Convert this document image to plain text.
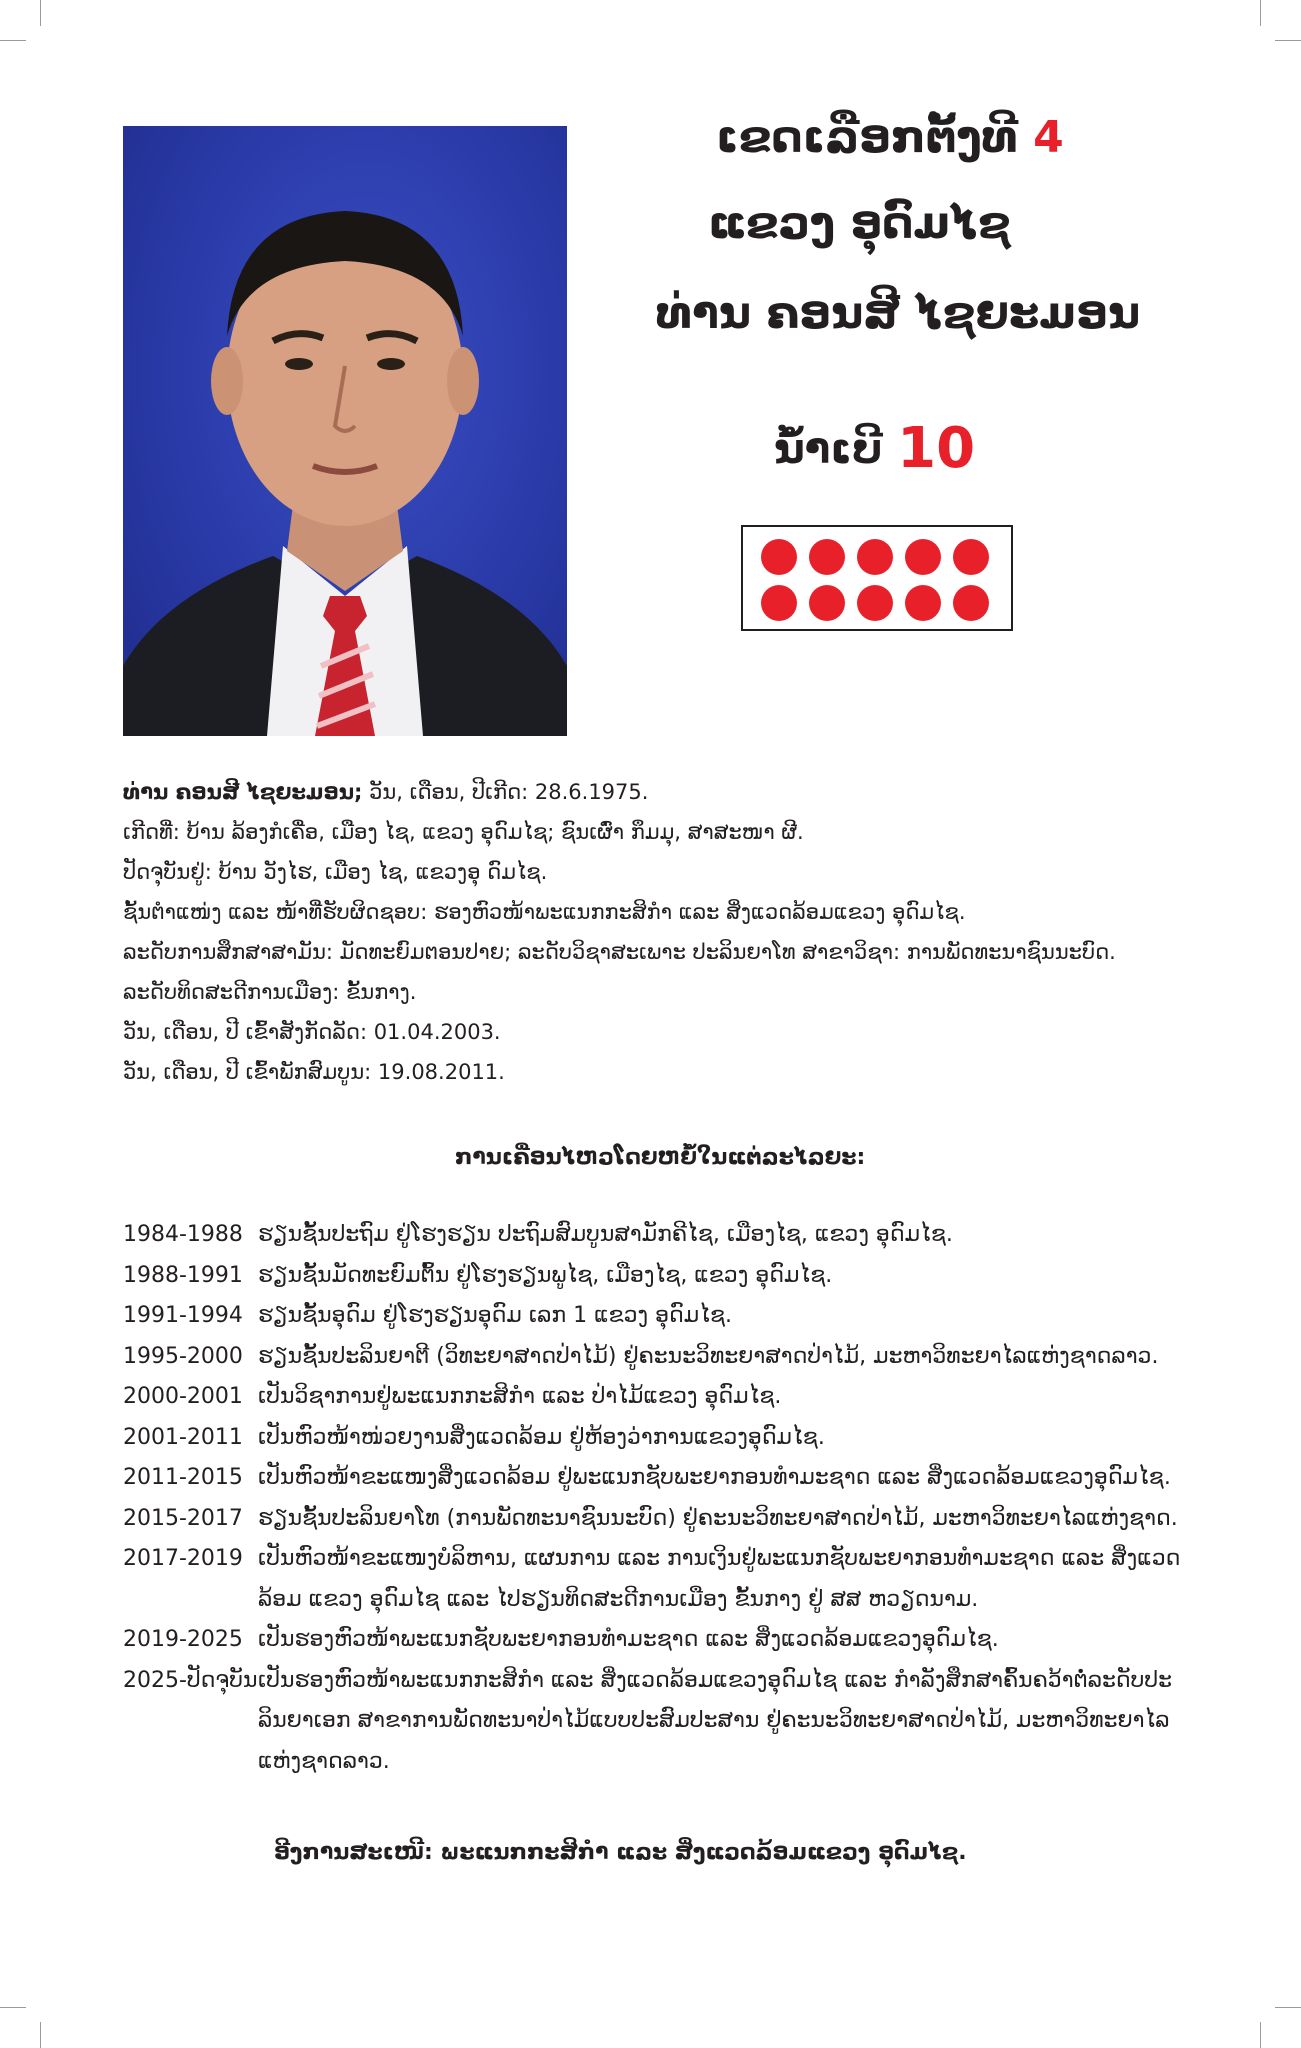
ເຂດເລືອກຕັ້ງທີ 4
ແຂວງ ອຸດົມໄຊ
ທ່ານ ຄອນສີ ໄຊຍະມອນ
ນໍ້າເບີ 10
ທ່ານ ຄອນສີ ໄຊຍະມອນ; ວັນ, ເດືອນ, ປີເກີດ: 28.6.1975.
ເກີດທີ່: ບ້ານ ລ້ອງກໍເຄື່ອ, ເມືອງ ໄຊ, ແຂວງ ອຸດົມໄຊ; ຊົນເຜົ່າ ກຶມມຸ, ສາສະໜາ ຜີ.
ປັດຈຸບັນຢູ່: ບ້ານ ວັງໄຮ, ເມືອງ ໄຊ, ແຂວງອຸ ດົມໄຊ.
ຊັ້ນຕໍາແໜ່ງ ແລະ ໜ້າທີ່ຮັບຜິດຊອບ: ຮອງຫົວໜ້າພະແນກກະສິກໍາ ແລະ ສິ່ງແວດລ້ອມແຂວງ ອຸດົມໄຊ.
ລະດັບການສຶກສາສາມັນ: ມັດທະຍົມຕອນປາຍ; ລະດັບວິຊາສະເພາະ ປະລິນຍາໂທ ສາຂາວິຊາ: ການພັດທະນາຊົນນະບົດ.
ລະດັບທິດສະດີການເມືອງ: ຂັ້ນກາງ.
ວັນ, ເດືອນ, ປີ ເຂົ້າສັງກັດລັດ: 01.04.2003.
ວັນ, ເດືອນ, ປີ ເຂົ້າພັກສົມບູນ: 19.08.2011.
ການເຄື່ອນໄຫວໂດຍຫຍໍ້ໃນແຕ່ລະໄລຍະ:
1984-1988 ຮຽນຊັ້ນປະຖົມ ຢູ່ໂຮງຮຽນ ປະຖົມສົມບູນສາມັກຄີໄຊ, ເມືອງໄຊ, ແຂວງ ອຸດົມໄຊ.
1988-1991 ຮຽນຊັ້ນມັດທະຍົມຕົ້ນ ຢູ່ໂຮງຮຽນພູໄຊ, ເມືອງໄຊ, ແຂວງ ອຸດົມໄຊ.
1991-1994 ຮຽນຊັ້ນອຸດົມ ຢູ່ໂຮງຮຽນອຸດົມ ເລກ 1 ແຂວງ ອຸດົມໄຊ.
1995-2000 ຮຽນຊັ້ນປະລິນຍາຕີ (ວິທະຍາສາດປ່າໄມ້) ຢູ່ຄະນະວິທະຍາສາດປ່າໄມ້, ມະຫາວິທະຍາໄລແຫ່ງຊາດລາວ.
2000-2001 ເປັນວິຊາການຢູ່ພະແນກກະສິກໍາ ແລະ ປ່າໄມ້ແຂວງ ອຸດົມໄຊ.
2001-2011 ເປັນຫົວໜ້າໜ່ວຍງານສິ່ງແວດລ້ອມ ຢູ່ຫ້ອງວ່າການແຂວງອຸດົມໄຊ.
2011-2015 ເປັນຫົວໜ້າຂະແໜງສິ່ງແວດລ້ອມ ຢູ່ພະແນກຊັບພະຍາກອນທໍາມະຊາດ ແລະ ສິ່ງແວດລ້ອມແຂວງອຸດົມໄຊ.
2015-2017 ຮຽນຊັ້ນປະລິນຍາໂທ (ການພັດທະນາຊົນນະບົດ) ຢູ່ຄະນະວິທະຍາສາດປ່າໄມ້, ມະຫາວິທະຍາໄລແຫ່ງຊາດ.
2017-2019 ເປັນຫົວໜ້າຂະແໜງບໍລິຫານ, ແຜນການ ແລະ ການເງິນຢູ່ພະແນກຊັບພະຍາກອນທໍາມະຊາດ ແລະ ສິ່ງແວດ
ລ້ອມ ແຂວງ ອຸດົມໄຊ ແລະ ໄປຮຽນທິດສະດີການເມືອງ ຂັ້ນກາງ ຢູ່ ສສ ຫວຽດນາມ.
2019-2025 ເປັນຮອງຫົວໜ້າພະແນກຊັບພະຍາກອນທໍາມະຊາດ ແລະ ສິ່ງແວດລ້ອມແຂວງອຸດົມໄຊ.
2025-ປັດຈຸບັນເປັນຮອງຫົວໜ້າພະແນກກະສິກໍາ ແລະ ສິ່ງແວດລ້ອມແຂວງອຸດົມໄຊ ແລະ ກໍາລັງສຶກສາຄົ້ນຄວ້າຕໍ່ລະດັບປະ
ລິນຍາເອກ ສາຂາການພັດທະນາປ່າໄມ້ແບບປະສົມປະສານ ຢູ່ຄະນະວິທະຍາສາດປ່າໄມ້, ມະຫາວິທະຍາໄລ
ແຫ່ງຊາດລາວ.
ອີງການສະເໜີ: ພະແນກກະສິກໍາ ແລະ ສິ່ງແວດລ້ອມແຂວງ ອຸດົມໄຊ.
